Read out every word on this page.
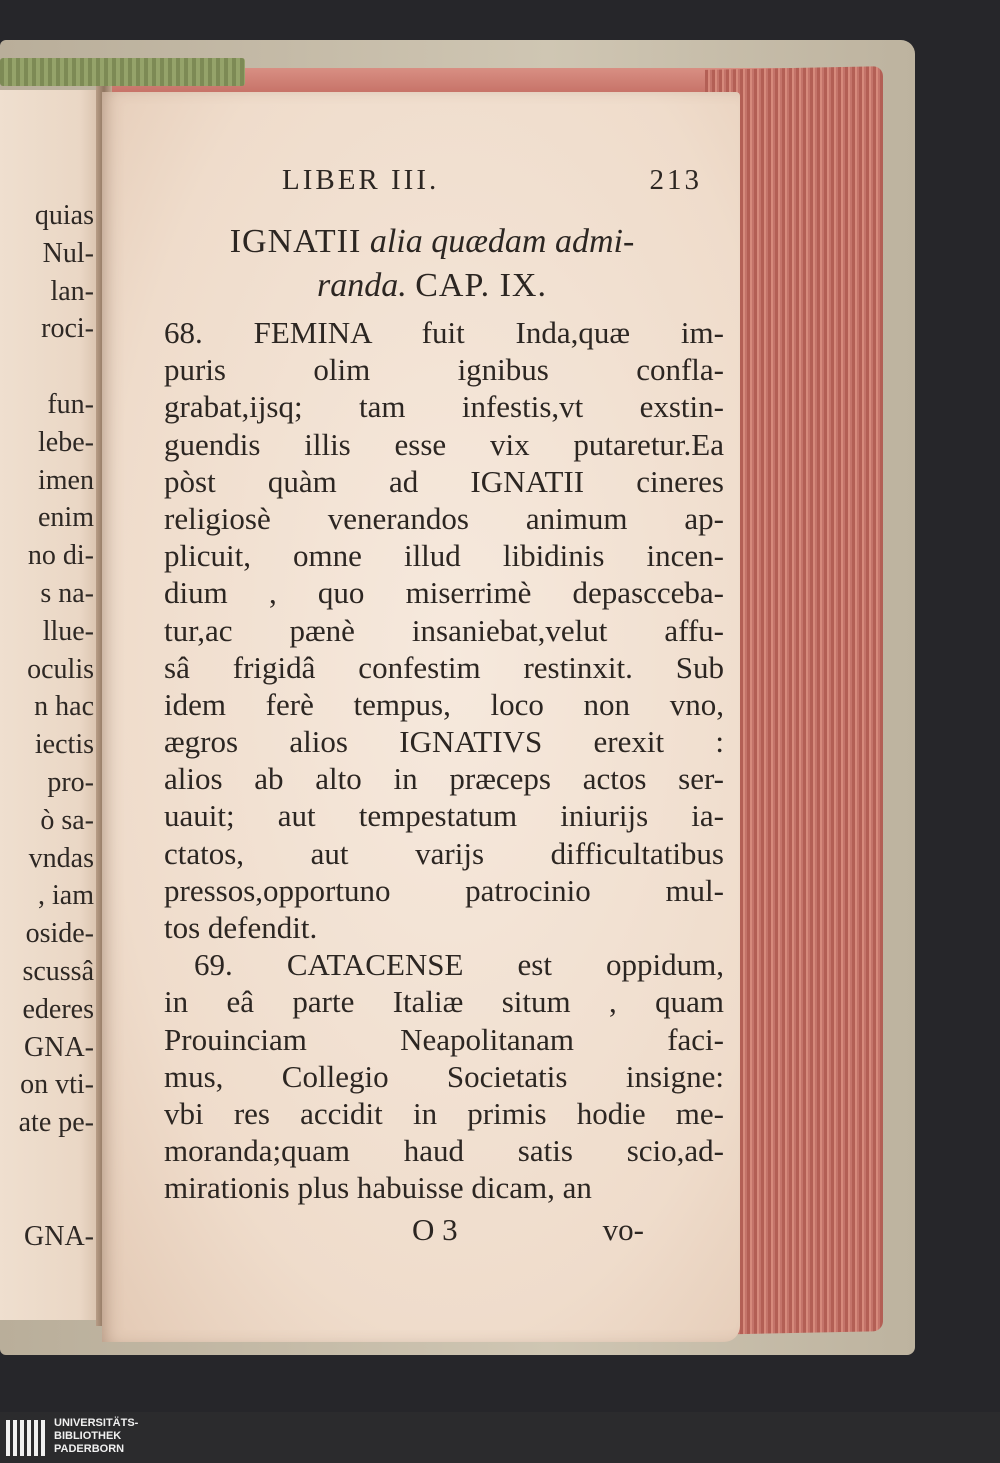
quias
Nul-
lan-
roci-
fun-
lebe-
imen
enim
no di-
s na-
llue-
oculis
n hac
iectis
pro-
ò sa-
vndas
, iam
oside-
scussâ
ederes
GNA-
on vti-
ate pe-
GNA-
LIBER III.	213
IGNATII alia quædam admi-
randa. CAP. IX.
68. FEMINA fuit Inda,quæ im-
puris olim ignibus confla-
grabat,ijsq; tam infestis,vt exstin-
guendis illis esse vix putaretur.Ea
pòst quàm ad IGNATII cineres
religiosè venerandos animum ap-
plicuit, omne illud libidinis incen-
dium , quo miserrimè depascceba-
tur,ac pænè insaniebat,velut affu-
sâ frigidâ confestim restinxit. Sub
idem ferè tempus, loco non vno,
ægros alios IGNATIVS erexit :
alios ab alto in præceps actos ser-
uauit; aut tempestatum iniurijs ia-
ctatos, aut varijs difficultatibus
pressos,opportuno patrocinio mul-
tos defendit.
69. CATACENSE est oppidum,
in eâ parte Italiæ situm , quam
Prouinciam Neapolitanam faci-
mus, Collegio Societatis insigne:
vbi res accidit in primis hodie me-
moranda;quam haud satis scio,ad-
mirationis plus habuisse dicam, an
O 3	vo-
UNIVERSITÄTS-
BIBLIOTHEK
PADERBORN
